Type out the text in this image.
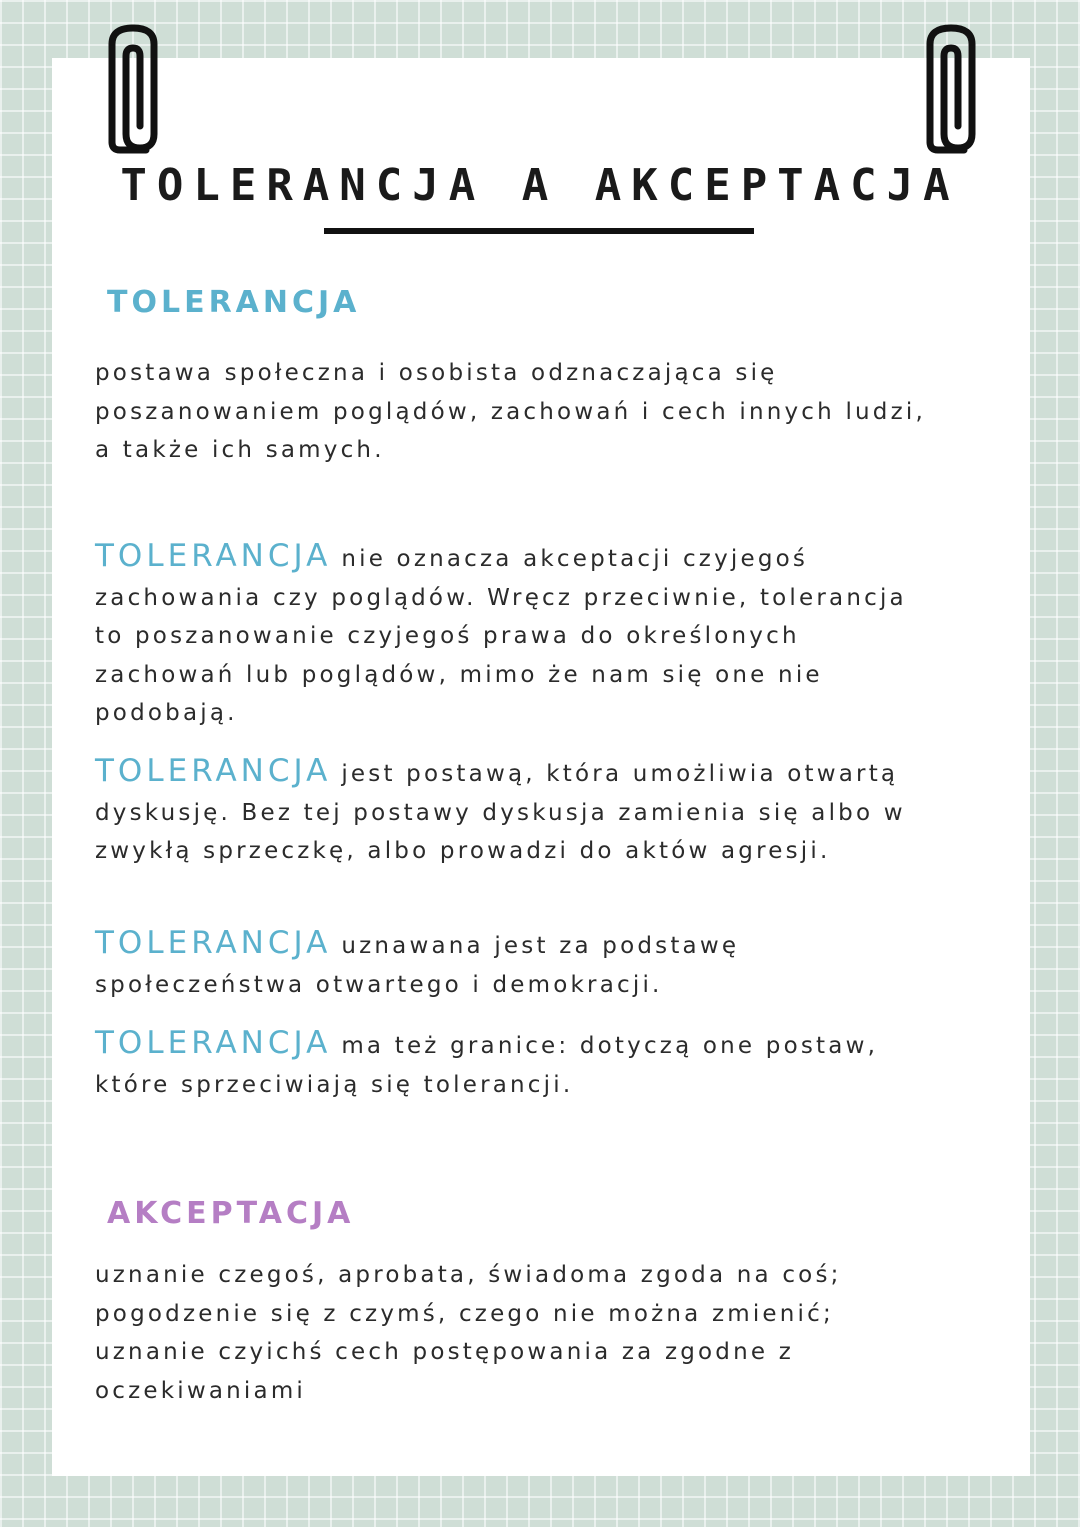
TOLERANCJA A AKCEPTACJA
TOLERANCJA

postawa społeczna i osobista odznaczająca się poszanowaniem poglądów, zachowań i cech innych ludzi, a także ich samych.

TOLERANCJA nie oznacza akceptacji czyjegoś zachowania czy poglądów. Wręcz przeciwnie, tolerancja to poszanowanie czyjegoś prawa do określonych zachowań lub poglądów, mimo że nam się one nie podobają.

TOLERANCJA jest postawą, która umożliwia otwartą dyskusję. Bez tej postawy dyskusja zamienia się albo w zwykłą sprzeczkę, albo prowadzi do aktów agresji.

TOLERANCJA uznawana jest za podstawę społeczeństwa otwartego i demokracji.

TOLERANCJA ma też granice: dotyczą one postaw, które sprzeciwiają się tolerancji.

AKCEPTACJA

uznanie czegoś, aprobata, świadoma zgoda na coś; pogodzenie się z czymś, czego nie można zmienić; uznanie czyichś cech postępowania za zgodne z oczekiwaniami
